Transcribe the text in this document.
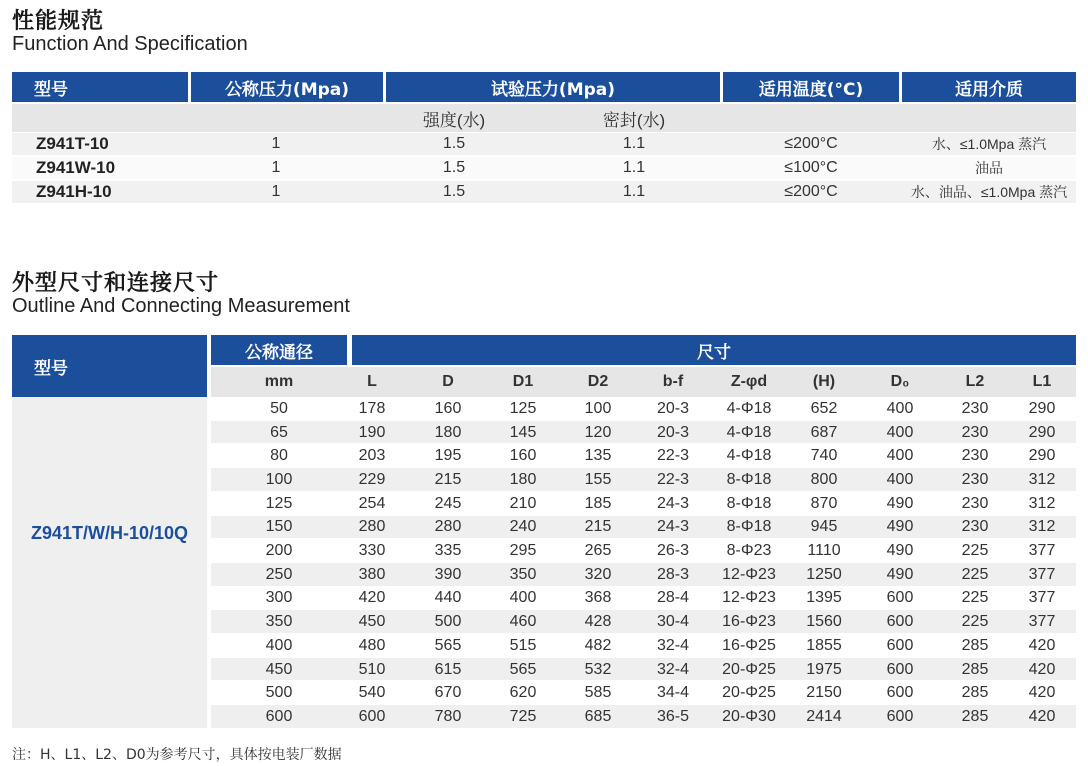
性能规范
Function And Specification
型号	公称压力(Mpa)	试验压力(Mpa)	适用温度(°C)	适用介质
强度(水)	密封(水)
Z941T-10	1	1.5	1.1	≤200°C	水、≤1.0Mpa 蒸汽
Z941W-10	1	1.5	1.1	≤100°C	油品
Z941H-10	1	1.5	1.1	≤200°C	水、油品、≤1.0Mpa 蒸汽
外型尺寸和连接尺寸
Outline And Connecting Measurement
型号
公称通径	尺寸
Z941T/W/H-10/10Q
mm	L	D	D1	D2	b-f	Z-φd	(H)	D₀	L2	L1
50	178	160	125	100	20-3	4-Φ18	652	400	230	290
65	190	180	145	120	20-3	4-Φ18	687	400	230	290
80	203	195	160	135	22-3	4-Φ18	740	400	230	290
100	229	215	180	155	22-3	8-Φ18	800	400	230	312
125	254	245	210	185	24-3	8-Φ18	870	490	230	312
150	280	280	240	215	24-3	8-Φ18	945	490	230	312
200	330	335	295	265	26-3	8-Φ23	1110	490	225	377
250	380	390	350	320	28-3	12-Φ23	1250	490	225	377
300	420	440	400	368	28-4	12-Φ23	1395	600	225	377
350	450	500	460	428	30-4	16-Φ23	1560	600	225	377
400	480	565	515	482	32-4	16-Φ25	1855	600	285	420
450	510	615	565	532	32-4	20-Φ25	1975	600	285	420
500	540	670	620	585	34-4	20-Φ25	2150	600	285	420
600	600	780	725	685	36-5	20-Φ30	2414	600	285	420
注：H、L1、L2、D0为参考尺寸，具体按电装厂数据
